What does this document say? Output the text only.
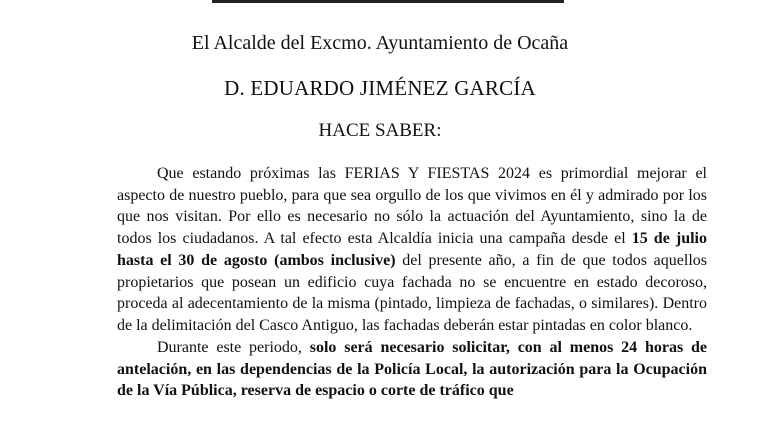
El Alcalde del Excmo. Ayuntamiento de Ocaña
D. EDUARDO JIMÉNEZ GARCÍA
HACE SABER:
Que estando próximas las FERIAS Y FIESTAS 2024 es primordial mejorar el aspecto de nuestro pueblo, para que sea orgullo de los que vivimos en él y admirado por los que nos visitan. Por ello es necesario no sólo la actuación del Ayuntamiento, sino la de todos los ciudadanos. A tal efecto esta Alcaldía inicia una campaña desde el 15 de julio hasta el 30 de agosto (ambos inclusive) del presente año, a fin de que todos aquellos propietarios que posean un edificio cuya fachada no se encuentre en estado decoroso, proceda al adecentamiento de la misma (pintado, limpieza de fachadas, o similares). Dentro de la delimitación del Casco Antiguo, las fachadas deberán estar pintadas en color blanco.
Durante este periodo, solo será necesario solicitar, con al menos 24 horas de antelación, en las dependencias de la Policía Local, la autorización para la Ocupación de la Vía Pública, reserva de espacio o corte de tráfico que
